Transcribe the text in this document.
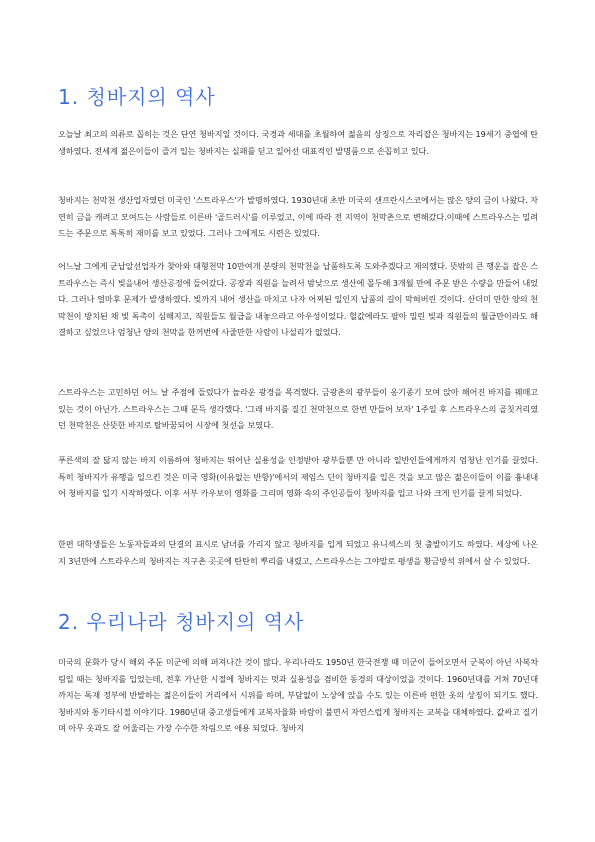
1. 청바지의 역사

오늘날 최고의 의류로 꼽히는 것은 단연 청바지일 것이다. 국경과 세대를 초월하여 젊음의 상징으로 자리잡은 청바지는 19세기 중엽에 탄생하였다. 전세계 젊은이들이 즐겨 입는 청바지는 실패를 딛고 일어선 대표적인 발명품으로 손꼽히고 있다.

청바지는 천막천 생산업자였던 미국인 '스트라우스'가 발명하였다. 1930년대 초반 미국의 샌프란시스코에서는 많은 양의 금이 나왔다. 자연히 금을 캐려고 모여드는 사람들로 이른바 '골드러시'를 이루었고, 이에 따라 전 지역이 천막촌으로 변해갔다.이때에 스트라우스는 밀려드는 주문으로 톡톡히 재미를 보고 있었다. 그러나 그에게도 시련은 있었다.

어느날 그에게 군납알선업자가 찾아와 대형천막 10만여개 분량의 천막천을 납품하도록 도와주겠다고 제의했다. 뜻밖의 큰 행운을 잡은 스트라우스는 즉시 빚을내어 생산공정에 들어갔다. 공장과 직원을 늘려서 밤낮으로 생산에 몰두해 3개월 만에 주문 받은 수량을 만들어 내었다. 그러나 얼마후 문제가 발생하였다. 빚까지 내어 생산을 마치고 나자 어찌된 일인지 납품의 길이 막혀버린 것이다. 산더미 만한 양의 천막천이 방치된 채 빚 독촉이 심해지고, 직원들도 월급을 내놓으라고 아우성이었다. 헐값에라도 팔아 밀린 빚과 직원들의 월급만이라도 해결하고 싶었으나 엄청난 양의 천막을 한꺼번에 사줄만한 사람이 나설리가 없었다.

스트라우스는 고민하던 어느 날 주점에 들렀다가 놀라운 광경을 목격했다. 금광촌의 광부들이 옹기종기 모여 앉아 해어진 바지를 꿰매고 있는 것이 아닌가. 스트라우스는 그때 문득 생각했다. '그래 바지를 질긴 천막천으로 한번 만들어 보자' 1주일 후 스트라우스의 골칫거리였던 천막천은 산뜻한 바지로 탈바꿈되어 시장에 첫선을 보였다.

푸른색의 잘 닳지 않는 바지 이름하여 청바지는 뛰어난 실용성을 인정받아 광부들뿐 만 아니라 일반인들에게까지 엄청난 인기를 끌었다. 특히 청바지가 유행을 일으킨 것은 미국 영화(이유없는 반항)'에서의 제임스 딘이 청바지를 입은 것을 보고 많은 젊은이들이 이를 흉내내어 청바지를 입기 시작하였다. 이후 서부 카우보이 영화를 그리며 영화 속의 주인공들이 청바지를 입고 나와 크게 인기를 끌게 되었다.

한편 대학생들은 노동자들과의 단결의 표시로 남녀를 가리지 않고 청바지를 입게 되었고 유니섹스의 첫 출발이기도 하였다. 세상에 나온 지 3년만에 스트라우스의 청바지는 지구촌 곳곳에 탄탄히 뿌리를 내렸고, 스트라우스는 그야말로 평생을 황금방석 위에서 살 수 있었다.

2. 우리나라 청바지의 역사

미국의 문화가 당시 해외 주둔 미군에 의해 퍼져나간 것이 많다. 우리나라도 1950년 한국전쟁 때 미군이 들어오면서 군복이 아닌 사복차림일 때는 청바지를 입었는데, 전후 가난한 시절에 청바지는 멋과 실용성을 겸비한 동경의 대상이었을 것이다. 1960년대를 거쳐 70년대까지는 독재 정부에 반발하는 젊은이들이 거리에서 시위를 하며, 부담없이 노상에 앉을 수도 있는 이른바 편한 옷의 상징이 되기도 했다. 청바지와 통기타시절 이야기다. 1980년대 중고생들에게 교복자율화 바람이 불면서 자연스럽게 청바지는 교복을 대체하였다. 값싸고 질기며 아무 옷과도 잘 어울리는 가장 수수한 차림으로 애용 되었다. 청바지
